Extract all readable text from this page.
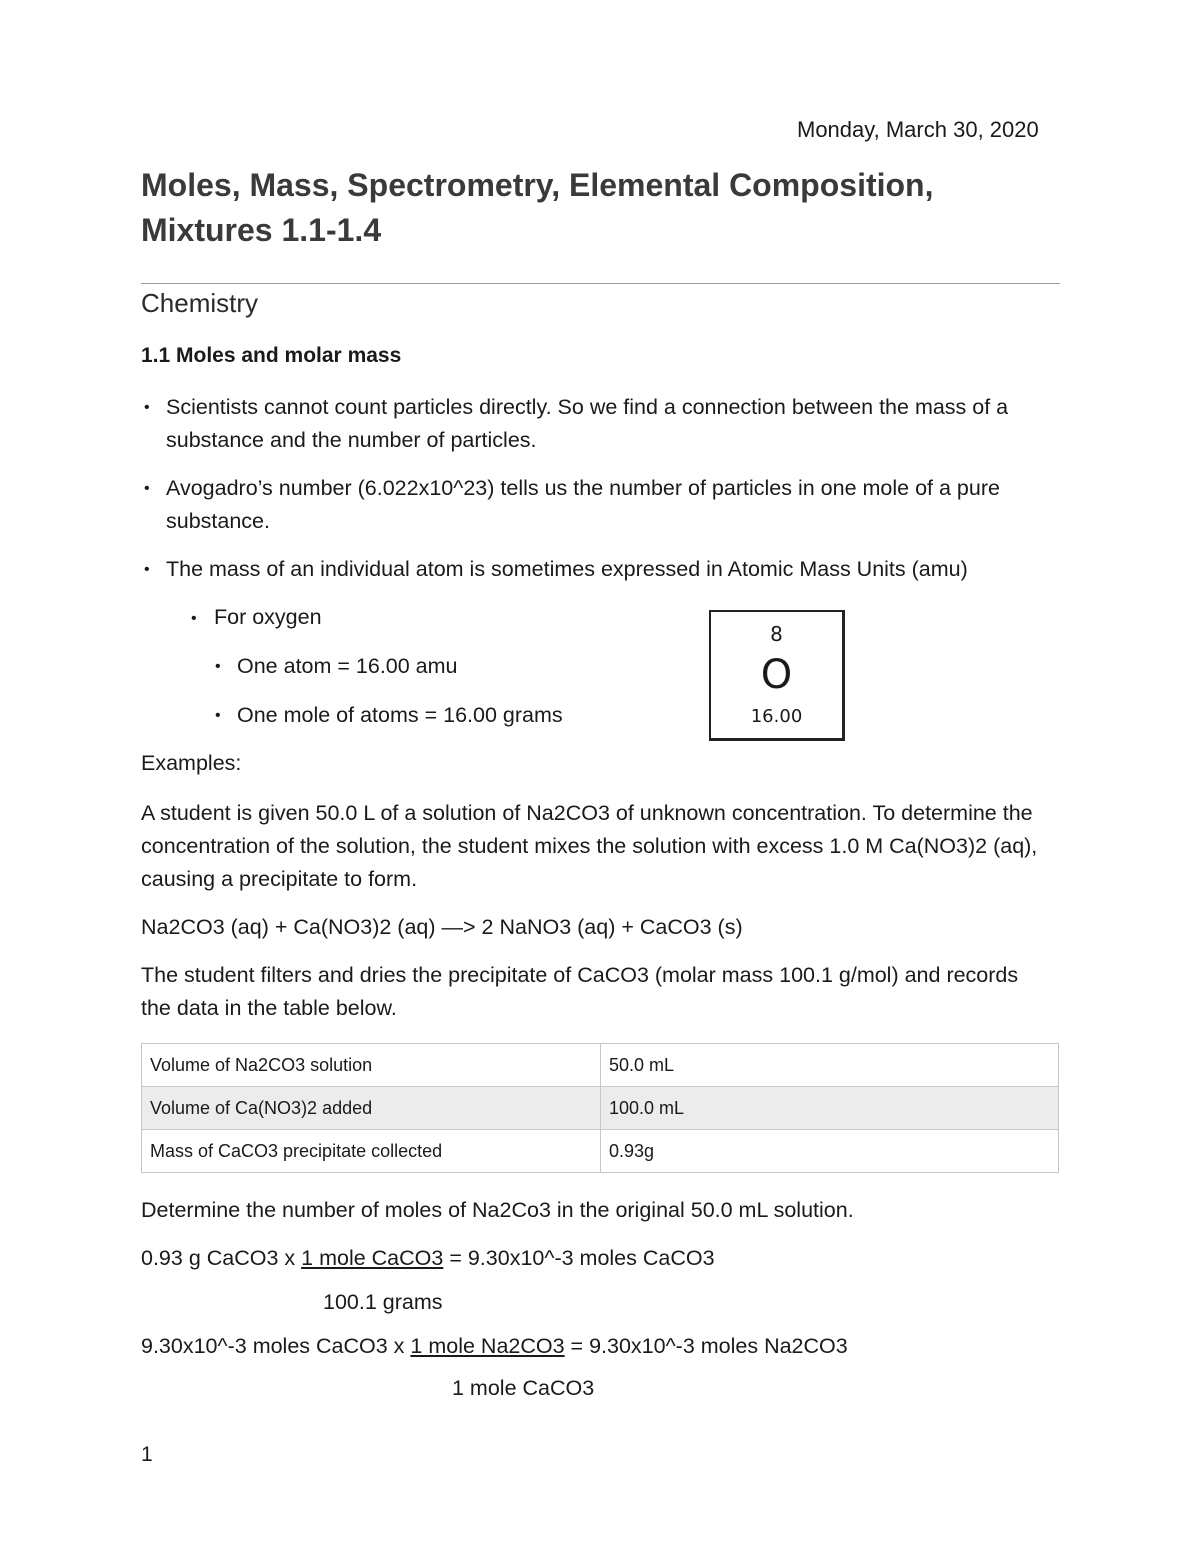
Monday, March 30, 2020
Moles, Mass, Spectrometry, Elemental Composition, Mixtures 1.1-1.4
Chemistry
1.1 Moles and molar mass
• Scientists cannot count particles directly. So we find a connection between the mass of a substance and the number of particles.
• Avogadro’s number (6.022x10^23) tells us the number of particles in one mole of a pure substance.
• The mass of an individual atom is sometimes expressed in Atomic Mass Units (amu)
• For oxygen
• One atom = 16.00 amu
• One mole of atoms = 16.00 grams
8
O
16.00
Examples:
A student is given 50.0 L of a solution of Na2CO3 of unknown concentration. To determine the concentration of the solution, the student mixes the solution with excess 1.0 M Ca(NO3)2 (aq), causing a precipitate to form.
Na2CO3 (aq) + Ca(NO3)2 (aq) —> 2 NaNO3 (aq) + CaCO3 (s)
The student filters and dries the precipitate of CaCO3 (molar mass 100.1 g/mol) and records the data in the table below.
Volume of Na2CO3 solution	50.0 mL
Volume of Ca(NO3)2 added	100.0 mL
Mass of CaCO3 precipitate collected	0.93g
Determine the number of moles of Na2Co3 in the original 50.0 mL solution.
0.93 g CaCO3 x 1 mole CaCO3 = 9.30x10^-3 moles CaCO3
100.1 grams
9.30x10^-3 moles CaCO3 x 1 mole Na2CO3 = 9.30x10^-3 moles Na2CO3
1 mole CaCO3
1
